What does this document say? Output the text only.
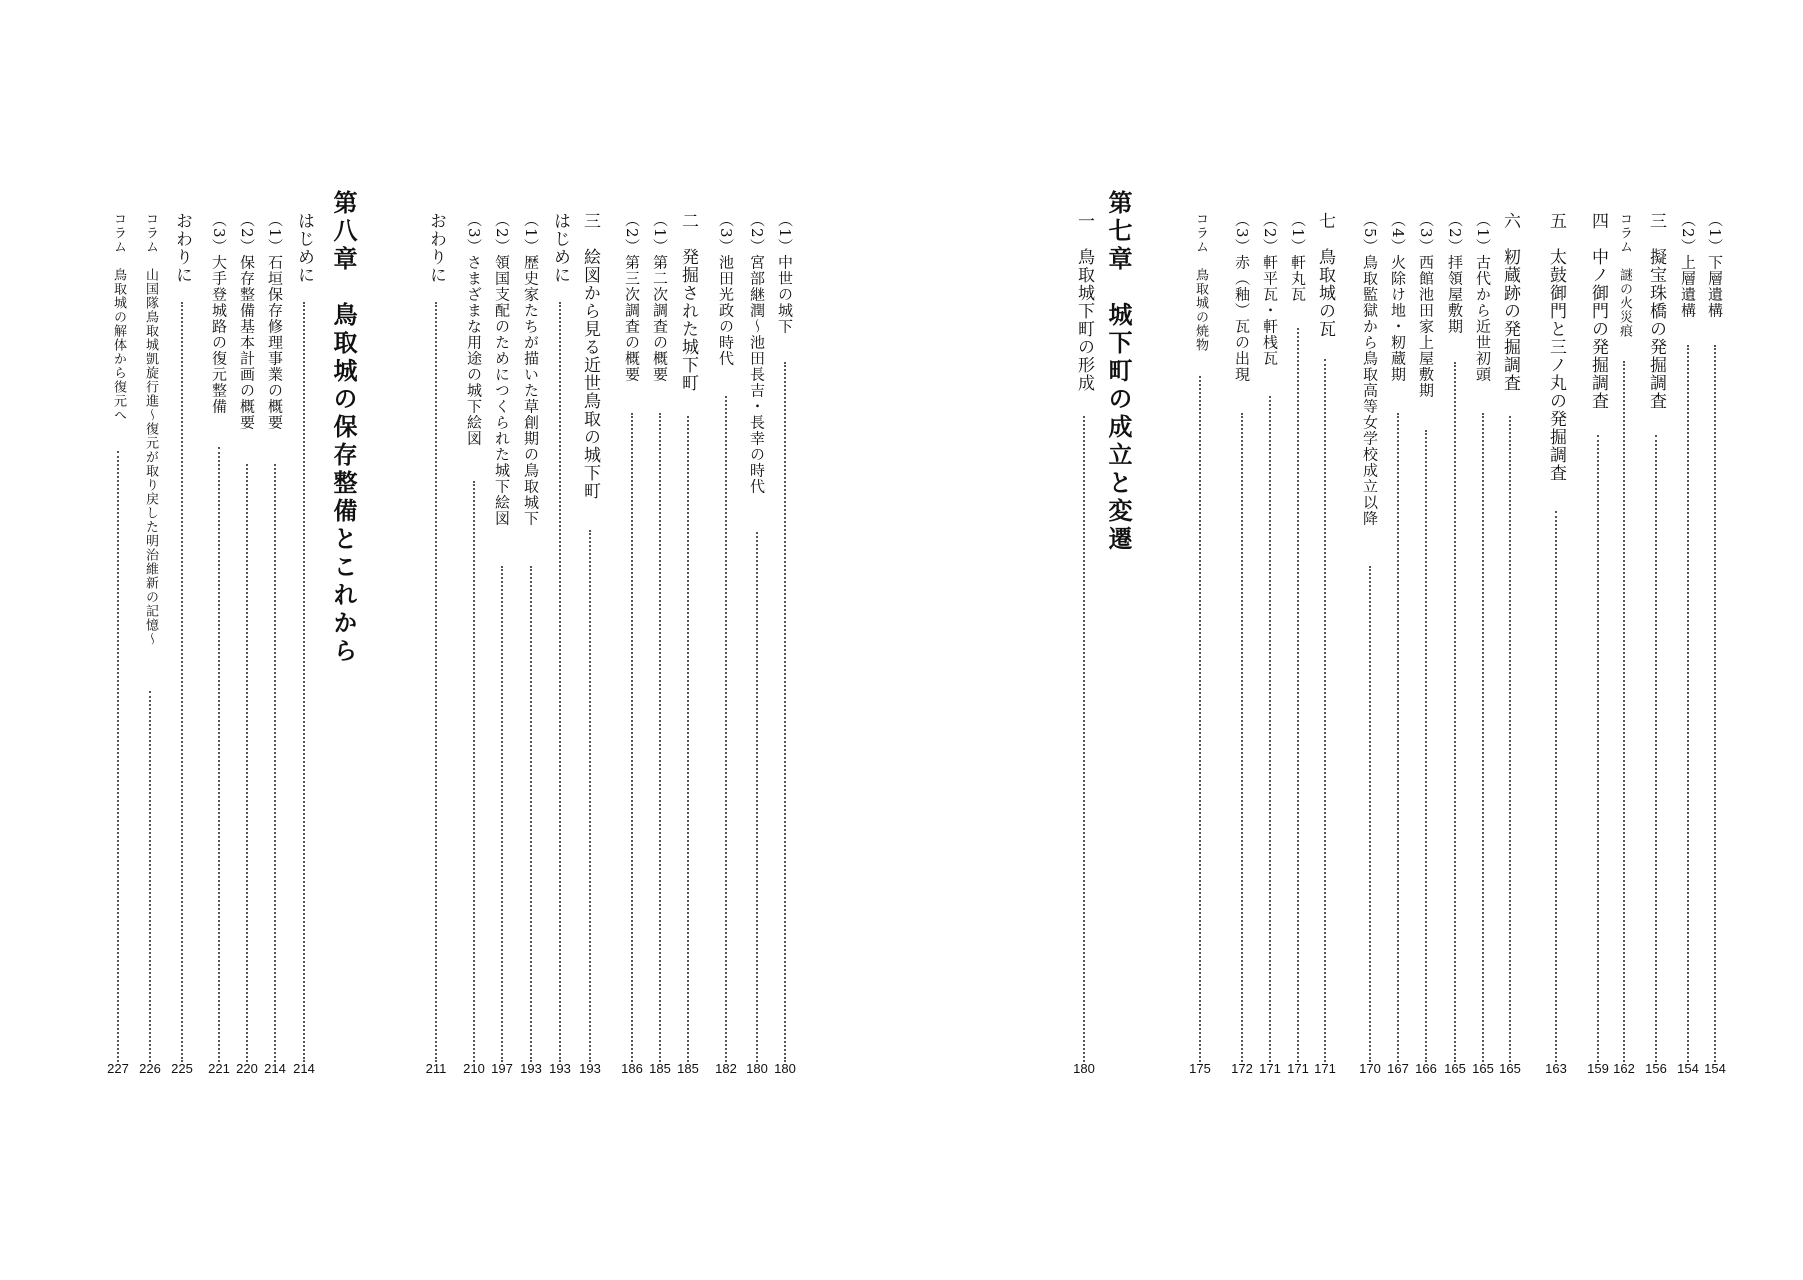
（1）下層遺構
154
（2）上層遺構
154
三　擬宝珠橋の発掘調査
156
コラム　謎の火災痕
162
四　中ノ御門の発掘調査
159
五　太鼓御門と三ノ丸の発掘調査
163
六　籾蔵跡の発掘調査
165
（1）古代から近世初頭
165
（2）拝領屋敷期
165
（3）西館池田家上屋敷期
166
（4）火除け地・籾蔵期
167
（5）鳥取監獄から鳥取高等女学校成立以降
170
七　鳥取城の瓦
171
（1）軒丸瓦
171
（2）軒平瓦・軒桟瓦
171
（3）赤（釉）瓦の出現
172
コラム　鳥取城の焼物
175
第七章　城下町の成立と変遷
一　鳥取城下町の形成
180
（1）中世の城下
180
（2）宮部継潤～池田長吉・長幸の時代
180
（3）池田光政の時代
182
二　発掘された城下町
185
（1）第二次調査の概要
185
（2）第三次調査の概要
186
三　絵図から見る近世鳥取の城下町
193
はじめに
193
（1）歴史家たちが描いた草創期の鳥取城下
193
（2）領国支配のためにつくられた城下絵図
197
（3）さまざまな用途の城下絵図
210
おわりに
211
第八章　鳥取城の保存整備とこれから
はじめに
214
（1）石垣保存修理事業の概要
214
（2）保存整備基本計画の概要
220
（3）大手登城路の復元整備
221
おわりに
225
コラム　山国隊鳥取城凱旋行進～復元が取り戻した明治維新の記憶～
226
コラム　鳥取城の解体から復元へ
227
